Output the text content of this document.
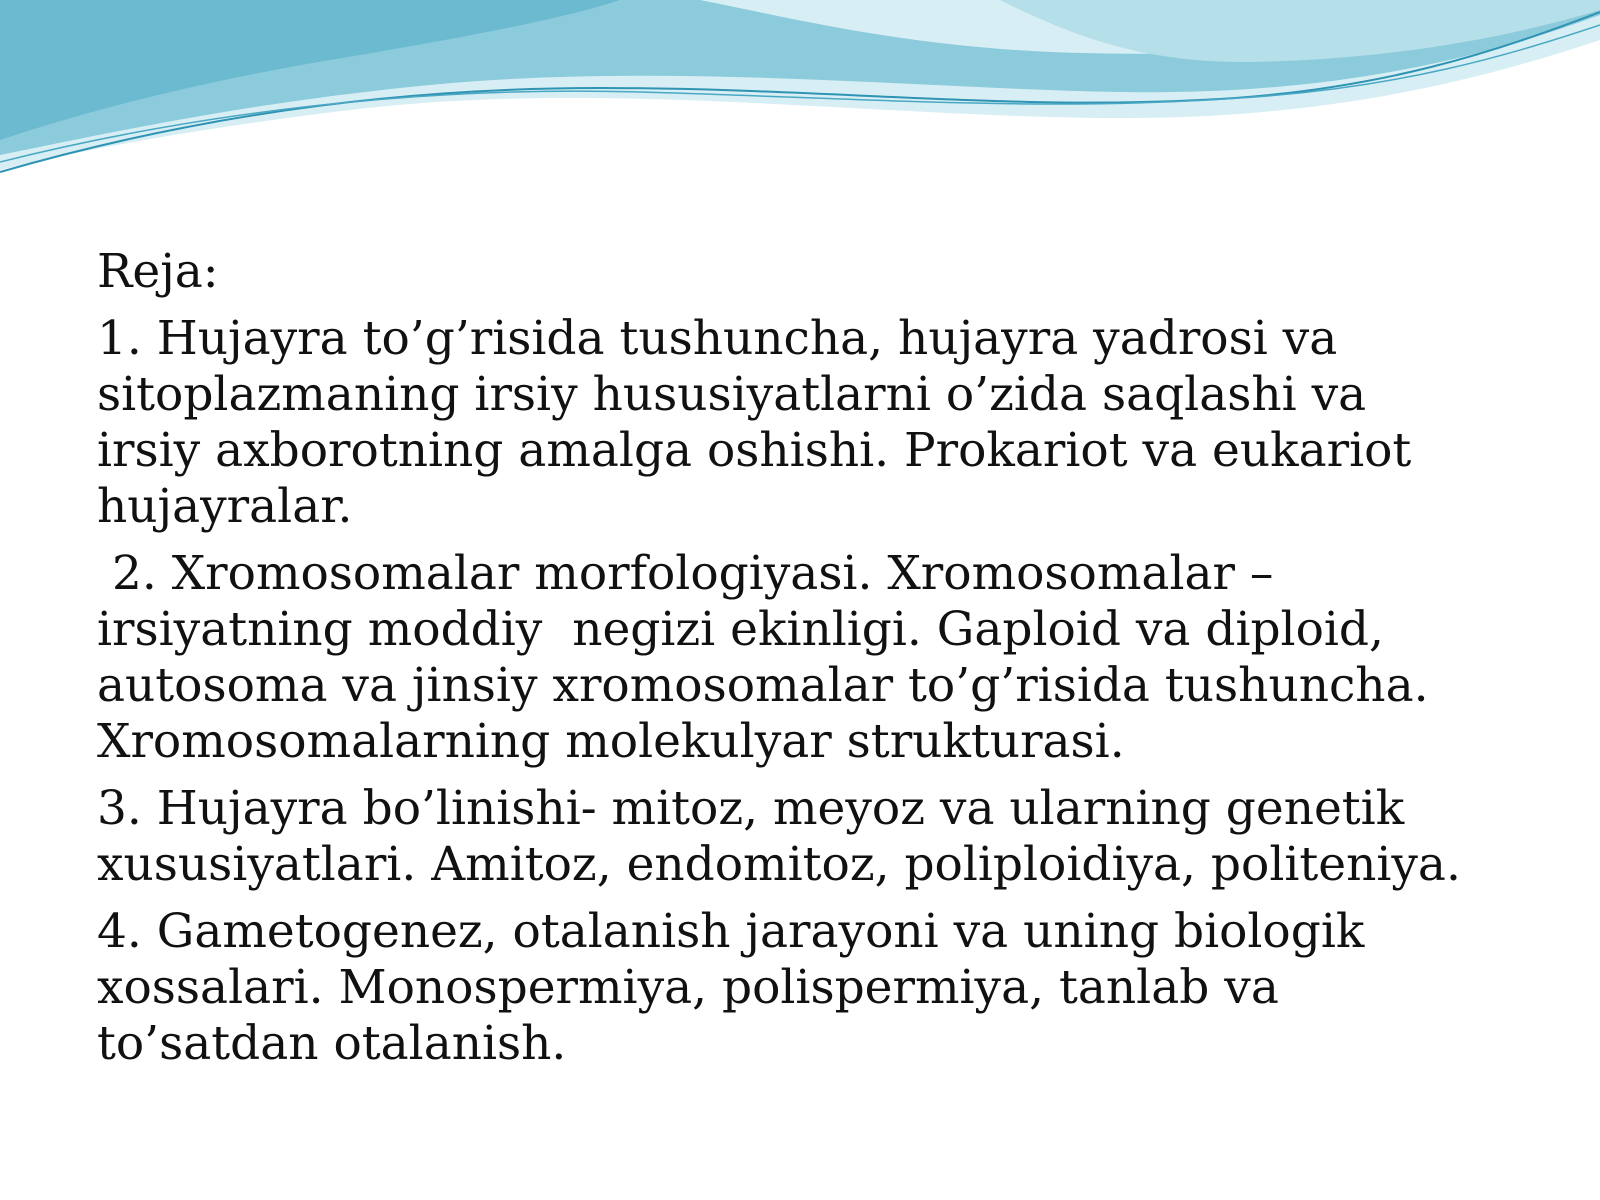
Reja:

1. Hujayra to’g’risida tushuncha, hujayra yadrosi va
sitoplazmaning irsiy hususiyatlarni o’zida saqlashi va
irsiy axborotning amalga oshishi. Prokariot va eukariot
hujayralar.

2. Xromosomalar morfologiyasi. Xromosomalar –
irsiyatning moddiy  negizi ekinligi. Gaploid va diploid,
autosoma va jinsiy xromosomalar to’g’risida tushuncha.
Xromosomalarning molekulyar strukturasi.

3. Hujayra bo’linishi- mitoz, meyoz va ularning genetik
xususiyatlari. Amitoz, endomitoz, poliploidiya, politeniya.

4. Gametogenez, otalanish jarayoni va uning biologik
xossalari. Monospermiya, polispermiya, tanlab va
to’satdan otalanish.
